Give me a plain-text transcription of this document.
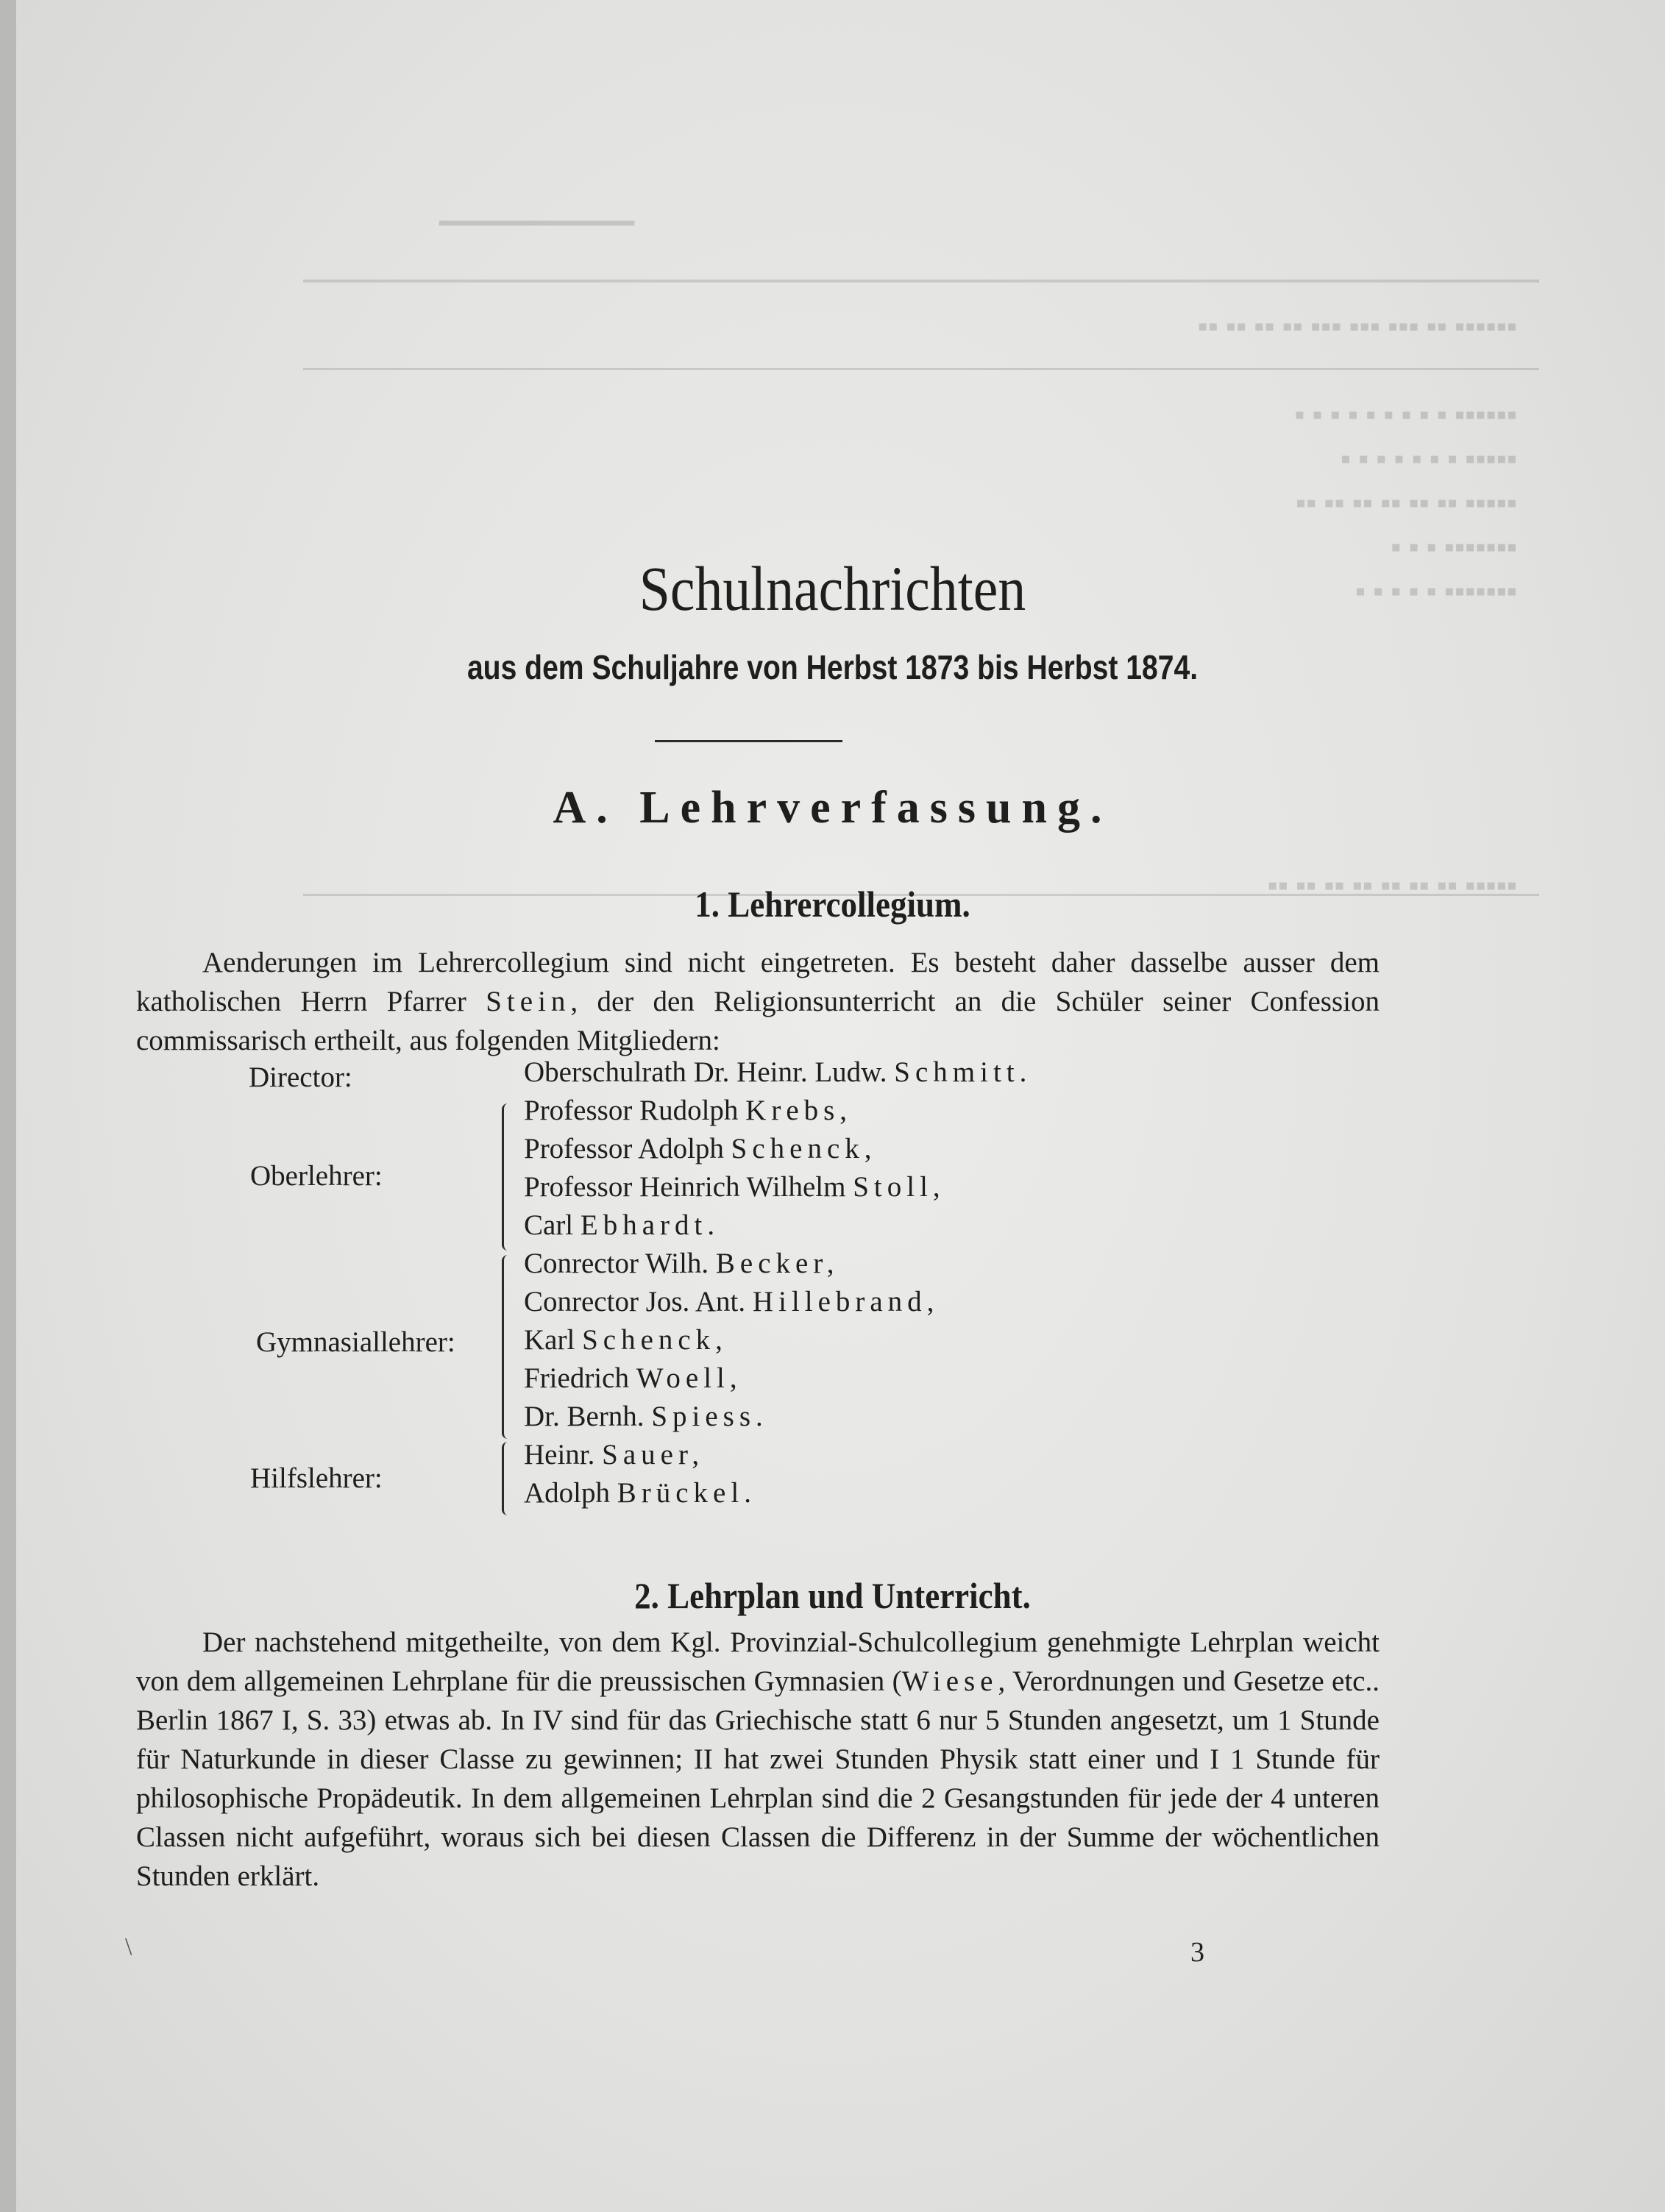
━━━━━━━━━━━
▪▪▪▪▪▪ ▪▪ ▪▪▪ ▪▪▪ ▪▪▪ ▪▪ ▪▪ ▪▪ ▪▪
▪▪▪▪▪▪ ▪ ▪ ▪ ▪ ▪ ▪ ▪ ▪ ▪
▪▪▪▪▪ ▪ ▪ ▪ ▪ ▪ ▪ ▪
▪▪▪▪▪ ▪▪ ▪▪ ▪▪ ▪▪ ▪▪ ▪▪
▪▪▪▪▪▪▪ ▪ ▪ ▪
▪▪▪▪▪▪▪ ▪ ▪ ▪ ▪ ▪
▪▪▪▪▪ ▪▪ ▪▪ ▪▪ ▪▪ ▪▪ ▪▪ ▪▪
Schulnachrichten
aus dem Schuljahre von Herbst 1873 bis Herbst 1874.
A. Lehrverfassung.
1. Lehrercollegium.
Aenderungen im Lehrercollegium sind nicht eingetreten. Es besteht daher dasselbe ausser dem katholischen Herrn Pfarrer Stein, der den Religionsunterricht an die Schüler seiner Confession commissarisch ertheilt, aus folgenden Mitgliedern:
Director:	Oberschulrath Dr. Heinr. Ludw. Schmitt.
Oberlehrer:
Professor Rudolph Krebs,
Professor Adolph Schenck,
Professor Heinrich Wilhelm Stoll,
Carl Ebhardt.
Gymnasiallehrer:
Conrector Wilh. Becker,
Conrector Jos. Ant. Hillebrand,
Karl Schenck,
Friedrich Woell,
Dr. Bernh. Spiess.
Hilfslehrer:
Heinr. Sauer,
Adolph Brückel.
2. Lehrplan und Unterricht.
Der nachstehend mitgetheilte, von dem Kgl. Provinzial-Schulcollegium genehmigte Lehrplan weicht von dem allgemeinen Lehrplane für die preussischen Gymnasien (Wiese, Verordnungen und Gesetze etc.. Berlin 1867 I, S. 33) etwas ab. In IV sind für das Griechische statt 6 nur 5 Stunden angesetzt, um 1 Stunde für Naturkunde in dieser Classe zu gewinnen; II hat zwei Stunden Physik statt einer und I 1 Stunde für philosophische Propädeutik. In dem allgemeinen Lehrplan sind die 2 Gesangstunden für jede der 4 unteren Classen nicht aufgeführt, woraus sich bei diesen Classen die Differenz in der Summe der wöchentlichen Stunden erklärt.
\	3
